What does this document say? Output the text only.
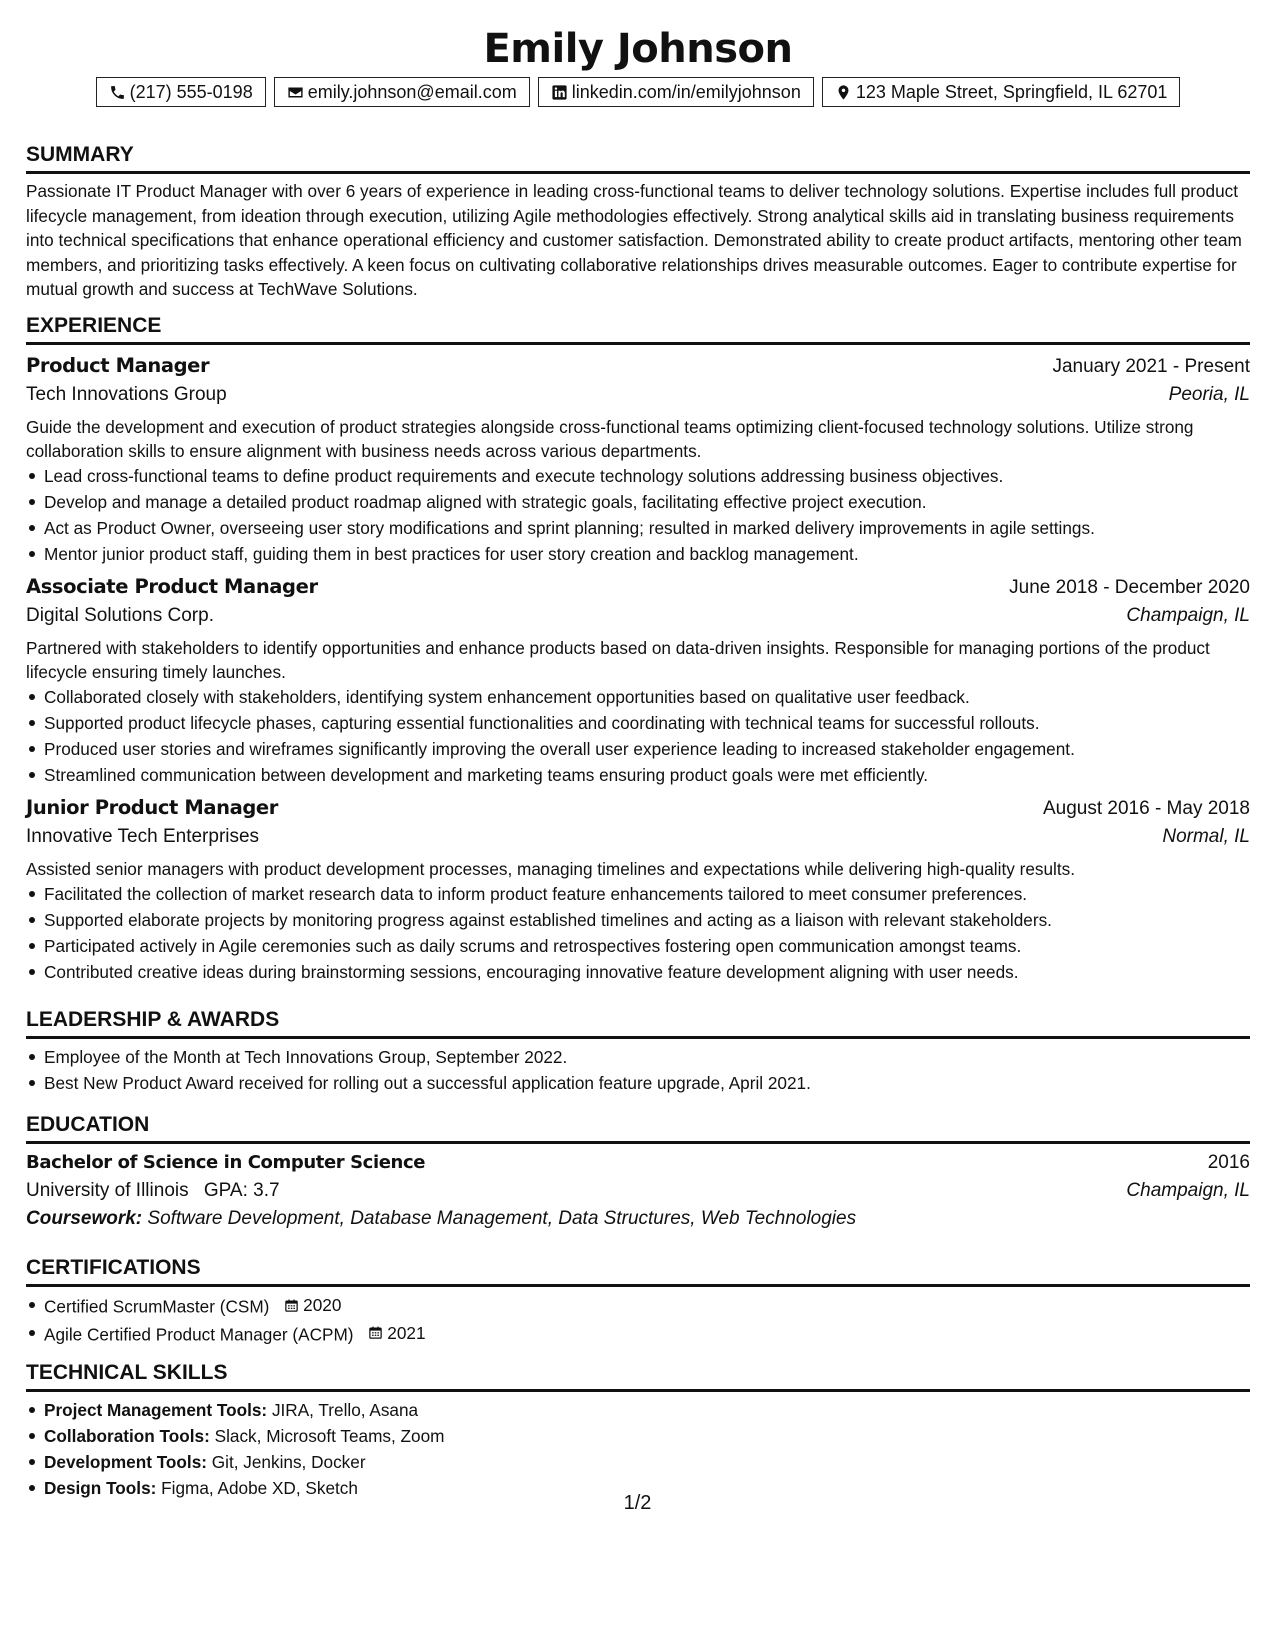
Emily Johnson
(217) 555-0198	emily.johnson@email.com	linkedin.com/in/emilyjohnson	123 Maple Street, Springfield, IL 62701
SUMMARY
Passionate IT Product Manager with over 6 years of experience in leading cross-functional teams to deliver technology solutions. Expertise includes full product lifecycle management, from ideation through execution, utilizing Agile methodologies effectively. Strong analytical skills aid in translating business requirements into technical specifications that enhance operational efficiency and customer satisfaction. Demonstrated ability to create product artifacts, mentoring other team members, and prioritizing tasks effectively. A keen focus on cultivating collaborative relationships drives measurable outcomes. Eager to contribute expertise for mutual growth and success at TechWave Solutions.
EXPERIENCE
Product Manager	January 2021 - Present
Tech Innovations Group	Peoria, IL
Guide the development and execution of product strategies alongside cross-functional teams optimizing client-focused technology solutions. Utilize strong collaboration skills to ensure alignment with business needs across various departments.
Lead cross-functional teams to define product requirements and execute technology solutions addressing business objectives.
Develop and manage a detailed product roadmap aligned with strategic goals, facilitating effective project execution.
Act as Product Owner, overseeing user story modifications and sprint planning; resulted in marked delivery improvements in agile settings.
Mentor junior product staff, guiding them in best practices for user story creation and backlog management.
Associate Product Manager	June 2018 - December 2020
Digital Solutions Corp.	Champaign, IL
Partnered with stakeholders to identify opportunities and enhance products based on data-driven insights. Responsible for managing portions of the product lifecycle ensuring timely launches.
Collaborated closely with stakeholders, identifying system enhancement opportunities based on qualitative user feedback.
Supported product lifecycle phases, capturing essential functionalities and coordinating with technical teams for successful rollouts.
Produced user stories and wireframes significantly improving the overall user experience leading to increased stakeholder engagement.
Streamlined communication between development and marketing teams ensuring product goals were met efficiently.
Junior Product Manager	August 2016 - May 2018
Innovative Tech Enterprises	Normal, IL
Assisted senior managers with product development processes, managing timelines and expectations while delivering high-quality results.
Facilitated the collection of market research data to inform product feature enhancements tailored to meet consumer preferences.
Supported elaborate projects by monitoring progress against established timelines and acting as a liaison with relevant stakeholders.
Participated actively in Agile ceremonies such as daily scrums and retrospectives fostering open communication amongst teams.
Contributed creative ideas during brainstorming sessions, encouraging innovative feature development aligning with user needs.
LEADERSHIP & AWARDS
Employee of the Month at Tech Innovations Group, September 2022.
Best New Product Award received for rolling out a successful application feature upgrade, April 2021.
EDUCATION
Bachelor of Science in Computer Science	2016
University of Illinois GPA: 3.7	Champaign, IL
Coursework: Software Development, Database Management, Data Structures, Web Technologies
CERTIFICATIONS
Certified ScrumMaster (CSM) 2020
Agile Certified Product Manager (ACPM) 2021
TECHNICAL SKILLS
Project Management Tools: JIRA, Trello, Asana
Collaboration Tools: Slack, Microsoft Teams, Zoom
Development Tools: Git, Jenkins, Docker
Design Tools: Figma, Adobe XD, Sketch
1/2
